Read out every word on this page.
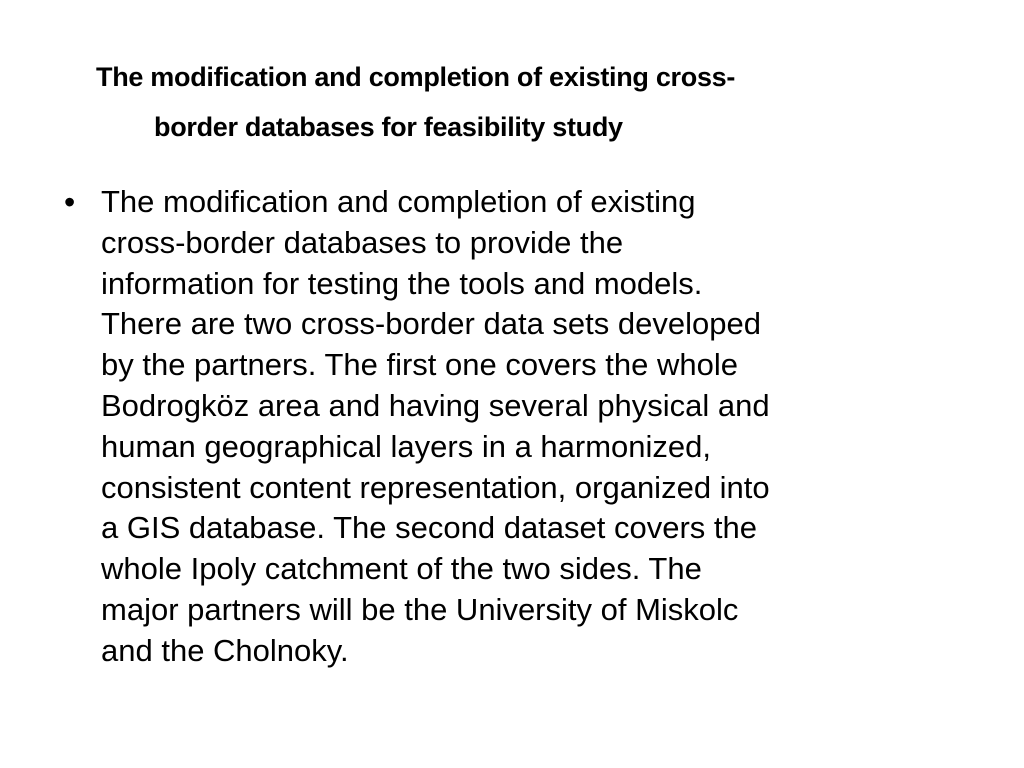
The modification and completion of existing cross-
border databases for feasibility study
• The modification and completion of existing
cross-border databases to provide the
information for testing the tools and models.
There are two cross-border data sets developed
by the partners. The first one covers the whole
Bodrogköz area and having several physical and
human geographical layers in a harmonized,
consistent content representation, organized into
a GIS database. The second dataset covers the
whole Ipoly catchment of the two sides. The
major partners will be the University of Miskolc
and the Cholnoky.
